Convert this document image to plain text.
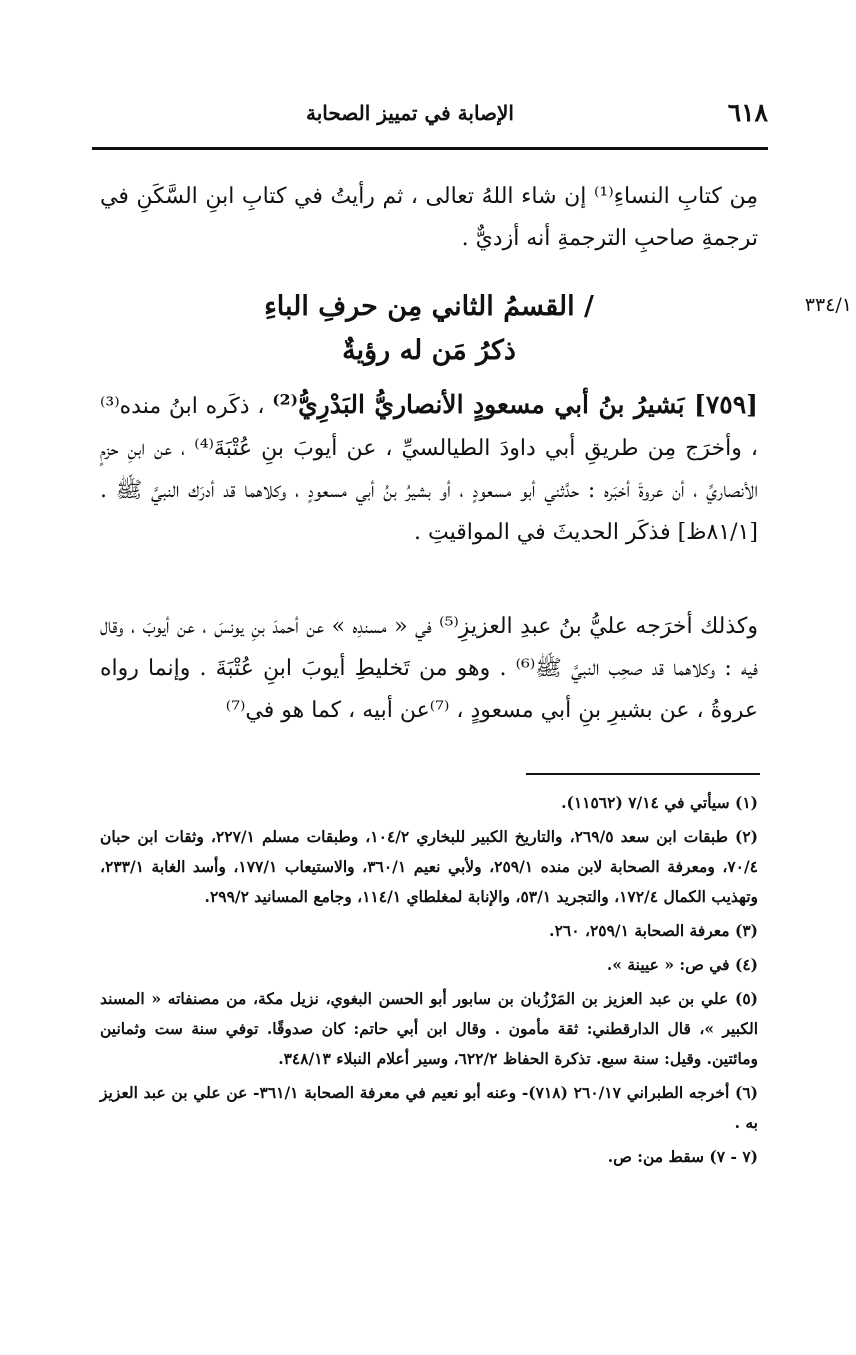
٦١٨
الإصابة في تمييز الصحابة
مِن كتابِ النساءِ⁽¹⁾ إن شاء اللهُ تعالى ، ثم رأيتُ في كتابِ ابنِ السَّكَنِ في ترجمةِ صاحبِ الترجمةِ أنه أزديٌّ .
٣٣٤/١
/ القسمُ الثاني مِن حرفِ الباءِ
ذكرُ مَن له رؤيةٌ
[٧٥٩] بَشيرُ بنُ أبي مسعودٍ الأنصاريُّ البَدْرِيُّ⁽²⁾ ، ذكَره ابنُ منده⁽³⁾ ، وأخرَج مِن طريقِ أبي داودَ الطيالسيِّ ، عن أيوبَ بنِ عُتْبَةَ⁽⁴⁾ ، عن ابنِ حزمٍ الأنصاريِّ ، أن عروةَ أخبَره : حدَّثني أبو مسعودٍ ، أو بشيرُ بنُ أبي مسعودٍ ، وكلاهما قد أدرَك النبيَّ ﷺ . [٨١/١ظ] فذكَر الحديثَ في المواقيتِ .
وكذلك أخرَجه عليُّ بنُ عبدِ العزيزِ⁽⁵⁾ في « مسندِه » عن أحمدَ بنِ يونسَ ، عن أيوبَ ، وقال فيه : وكلاهما قد صحِب النبيَّ ﷺ⁽⁶⁾ . وهو من تَخليطِ أيوبَ ابنِ عُتْبَةَ . وإنما رواه عروةُ ، عن بشيرِ بنِ أبي مسعودٍ ، ⁽⁷⁾عن أبيه ، كما هو في⁽⁷⁾
(١) سيأتي في ٧/١٤ (١١٥٦٢).
(٢) طبقات ابن سعد ٢٦٩/٥، والتاريخ الكبير للبخاري ١٠٤/٢، وطبقات مسلم ٢٢٧/١، وثقات ابن حبان ٧٠/٤، ومعرفة الصحابة لابن منده ٢٥٩/١، ولأبي نعيم ٣٦٠/١، والاستيعاب ١٧٧/١، وأسد الغابة ٢٣٣/١، وتهذيب الكمال ١٧٢/٤، والتجريد ٥٣/١، والإنابة لمغلطاي ١١٤/١، وجامع المسانيد ٢٩٩/٢.
(٣) معرفة الصحابة ٢٥٩/١، ٢٦٠.
(٤) في ص: « عيينة ».
(٥) علي بن عبد العزيز بن المَرْزُبان بن سابور أبو الحسن البغوي، نزيل مكة، من مصنفاته « المسند الكبير »، قال الدارقطني: ثقة مأمون . وقال ابن أبي حاتم: كان صدوقًا. توفي سنة ست وثمانين ومائتين. وقيل: سنة سبع. تذكرة الحفاظ ٦٢٢/٢، وسير أعلام النبلاء ٣٤٨/١٣.
(٦) أخرجه الطبراني ٢٦٠/١٧ (٧١٨)- وعنه أبو نعيم في معرفة الصحابة ٣٦١/١- عن علي بن عبد العزيز به .
(٧ - ٧) سقط من: ص.
